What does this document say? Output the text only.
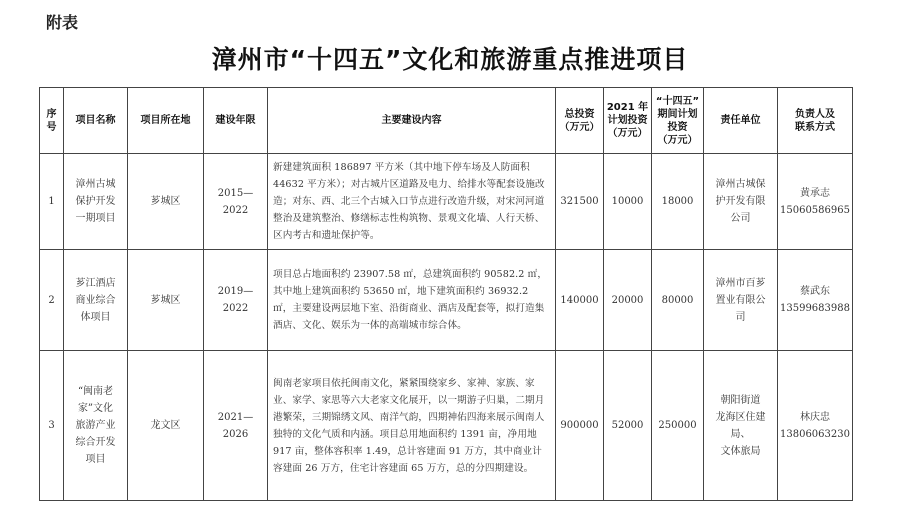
附表
漳州市“十四五”文化和旅游重点推进项目
序
号	项目名称	项目所在地	建设年限	主要建设内容	总投资
（万元）	2021 年
计划投资
（万元）	“十四五”
期间计划
投资
（万元）	责任单位	负责人及
联系方式

1	漳州古城
保护开发
一期项目	芗城区	2015—
2022	新建建筑面积 186897 平方米（其中地下停车场及人防面积 44632 平方米）；对古城片区道路及电力、给排水等配套设施改造；对东、西、北三个古城入口节点进行改造升级，对宋河河道整治及建筑整治、修缮标志性构筑物、景观文化墙、人行天桥、区内考古和遗址保护等。	321500	10000	18000	漳州古城保
护开发有限
公司	黄承志
15060586965

2	芗江酒店
商业综合
体项目	芗城区	2019—
2022	项目总占地面积约 23907.58 ㎡，总建筑面积约 90582.2 ㎡，其中地上建筑面积约 53650 ㎡，地下建筑面积约 36932.2 ㎡，主要建设两层地下室、沿街商业、酒店及配套等，拟打造集酒店、文化、娱乐为一体的高端城市综合体。	140000	20000	80000	漳州市百芗
置业有限公
司	蔡武东
13599683988

3	“闽南老
家”文化
旅游产业
综合开发
项目	龙文区	2021—
2026	闽南老家项目依托闽南文化，紧紧围绕家乡、家神、家族、家业、家学、家思等六大老家文化展开，以一期游子归巢，二期月港繁荣，三期锦绣文风、南洋气韵，四期神佑四海来展示闽南人独特的文化气质和内涵。项目总用地面积约 1391 亩，净用地 917 亩，整体容积率 1.49，总计容建面 91 万方，其中商业计容建面 26 万方，住宅计容建面 65 万方，总的分四期建设。	900000	52000	250000	朝阳街道
龙海区住建
局、
文体旅局	林庆忠
13806063230
